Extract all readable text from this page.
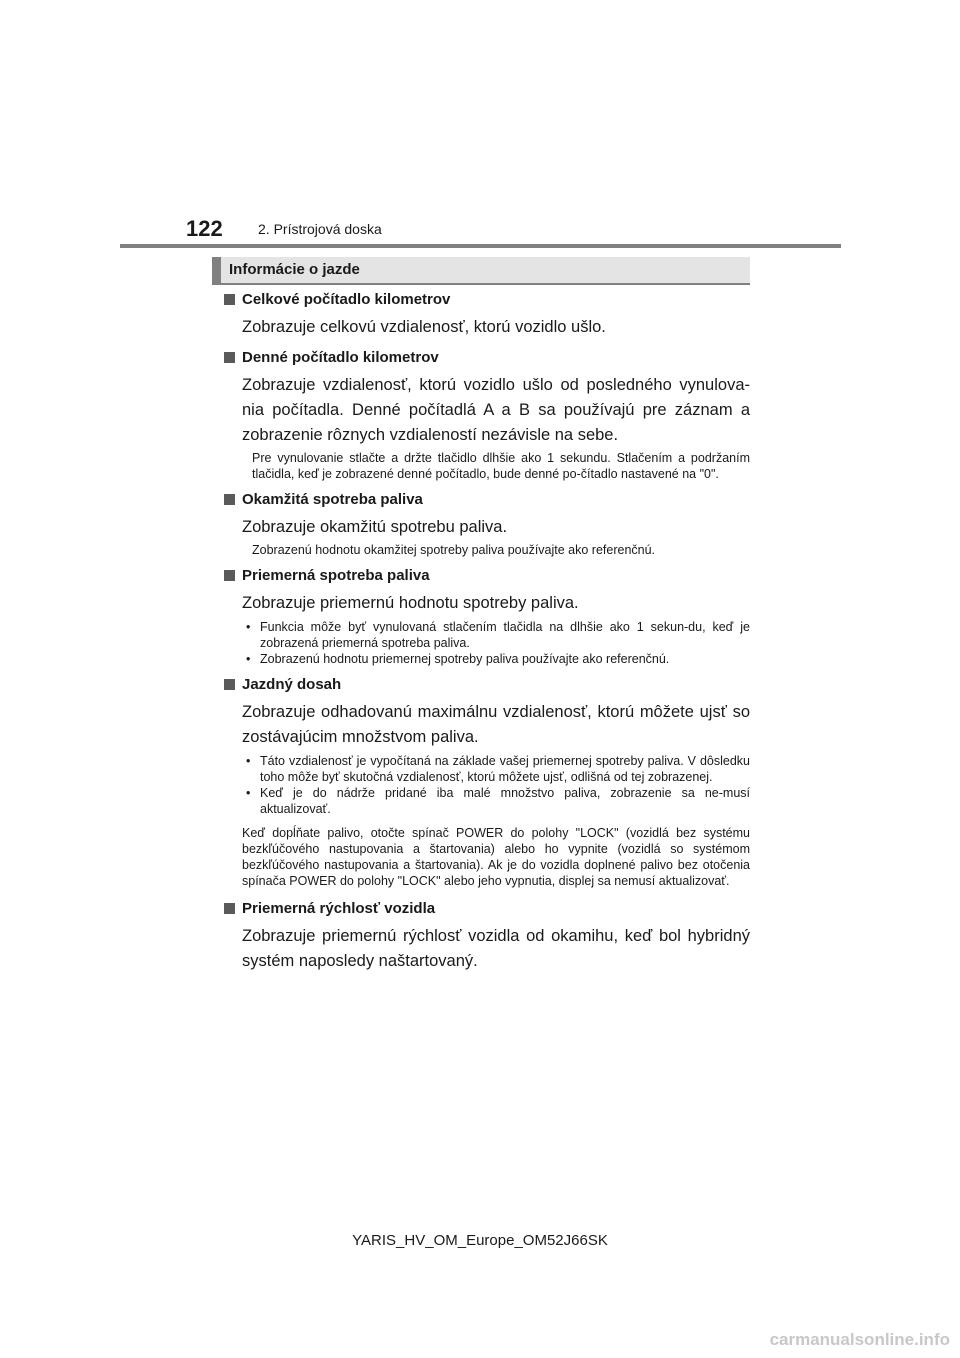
122	2. Prístrojová doska
Informácie o jazde
Celkové počítadlo kilometrov
Zobrazuje celkovú vzdialenosť, ktorú vozidlo ušlo.
Denné počítadlo kilometrov
Zobrazuje vzdialenosť, ktorú vozidlo ušlo od posledného vynulova-nia počítadla. Denné počítadlá A a B sa používajú pre záznam a zobrazenie rôznych vzdialeností nezávisle na sebe.
Pre vynulovanie stlačte a držte tlačidlo dlhšie ako 1 sekundu. Stlačením a podržaním tlačidla, keď je zobrazené denné počítadlo, bude denné po-čítadlo nastavené na "0".
Okamžitá spotreba paliva
Zobrazuje okamžitú spotrebu paliva.
Zobrazenú hodnotu okamžitej spotreby paliva používajte ako referenčnú.
Priemerná spotreba paliva
Zobrazuje priemernú hodnotu spotreby paliva.
• Funkcia môže byť vynulovaná stlačením tlačidla na dlhšie ako 1 sekun-du, keď je zobrazená priemerná spotreba paliva.
• Zobrazenú hodnotu priemernej spotreby paliva používajte ako referenčnú.
Jazdný dosah
Zobrazuje odhadovanú maximálnu vzdialenosť, ktorú môžete ujsť so zostávajúcim množstvom paliva.
• Táto vzdialenosť je vypočítaná na základe vašej priemernej spotreby paliva. V dôsledku toho môže byť skutočná vzdialenosť, ktorú môžete ujsť, odlišná od tej zobrazenej.
• Keď je do nádrže pridané iba malé množstvo paliva, zobrazenie sa ne-musí aktualizovať.
Keď dopĺňate palivo, otočte spínač POWER do polohy "LOCK" (vozidlá bez systému bezkľúčového nastupovania a štartovania) alebo ho vypnite (vozidlá so systémom bezkľúčového nastupovania a štartovania). Ak je do vozidla doplnené palivo bez otočenia spínača POWER do polohy "LOCK" alebo jeho vypnutia, displej sa nemusí aktualizovať.
Priemerná rýchlosť vozidla
Zobrazuje priemernú rýchlosť vozidla od okamihu, keď bol hybridný systém naposledy naštartovaný.
YARIS_HV_OM_Europe_OM52J66SK
carmanualsonline.info
